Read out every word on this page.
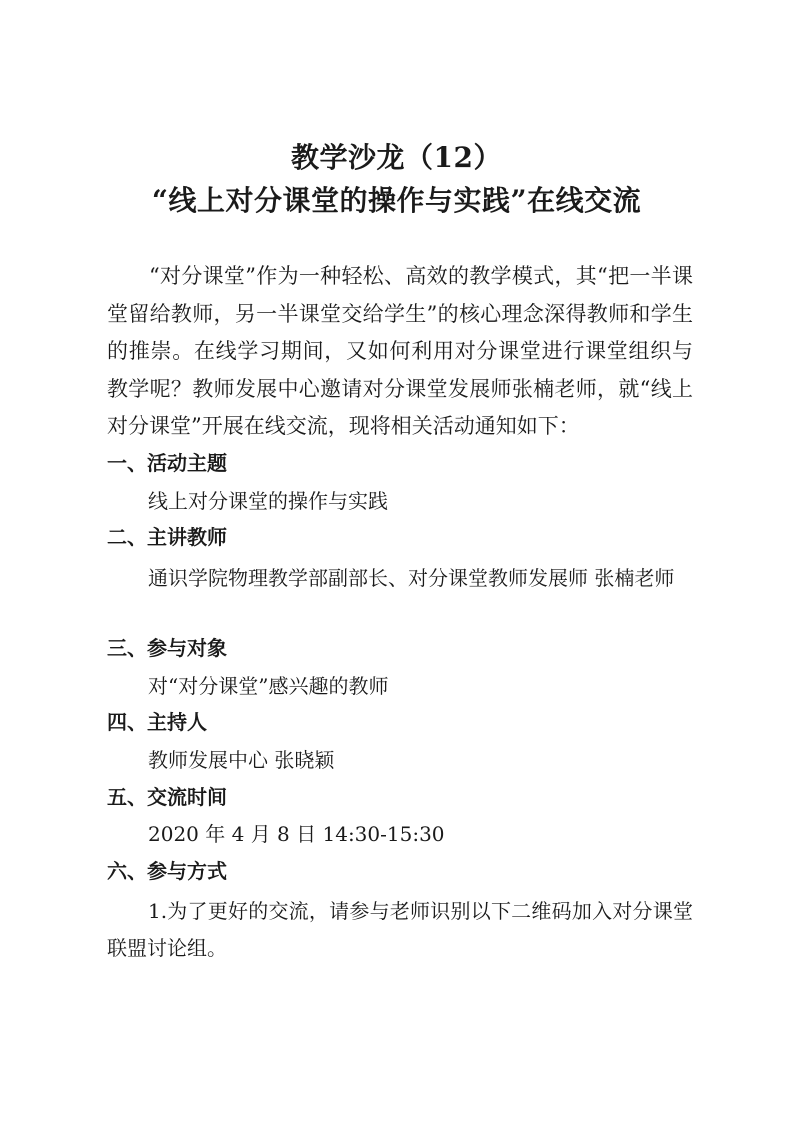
教学沙龙（12）
“线上对分课堂的操作与实践”在线交流
“对分课堂”作为一种轻松、高效的教学模式，其“把一半课堂留给教师，另一半课堂交给学生”的核心理念深得教师和学生的推崇。在线学习期间，又如何利用对分课堂进行课堂组织与教学呢？教师发展中心邀请对分课堂发展师张楠老师，就“线上对分课堂”开展在线交流，现将相关活动通知如下：
一、活动主题
线上对分课堂的操作与实践
二、主讲教师
通识学院物理教学部副部长、对分课堂教师发展师 张楠老师
三、参与对象
对“对分课堂”感兴趣的教师
四、主持人
教师发展中心 张晓颖
五、交流时间
2020 年 4 月 8 日 14:30-15:30
六、参与方式
1.为了更好的交流，请参与老师识别以下二维码加入对分课堂联盟讨论组。
